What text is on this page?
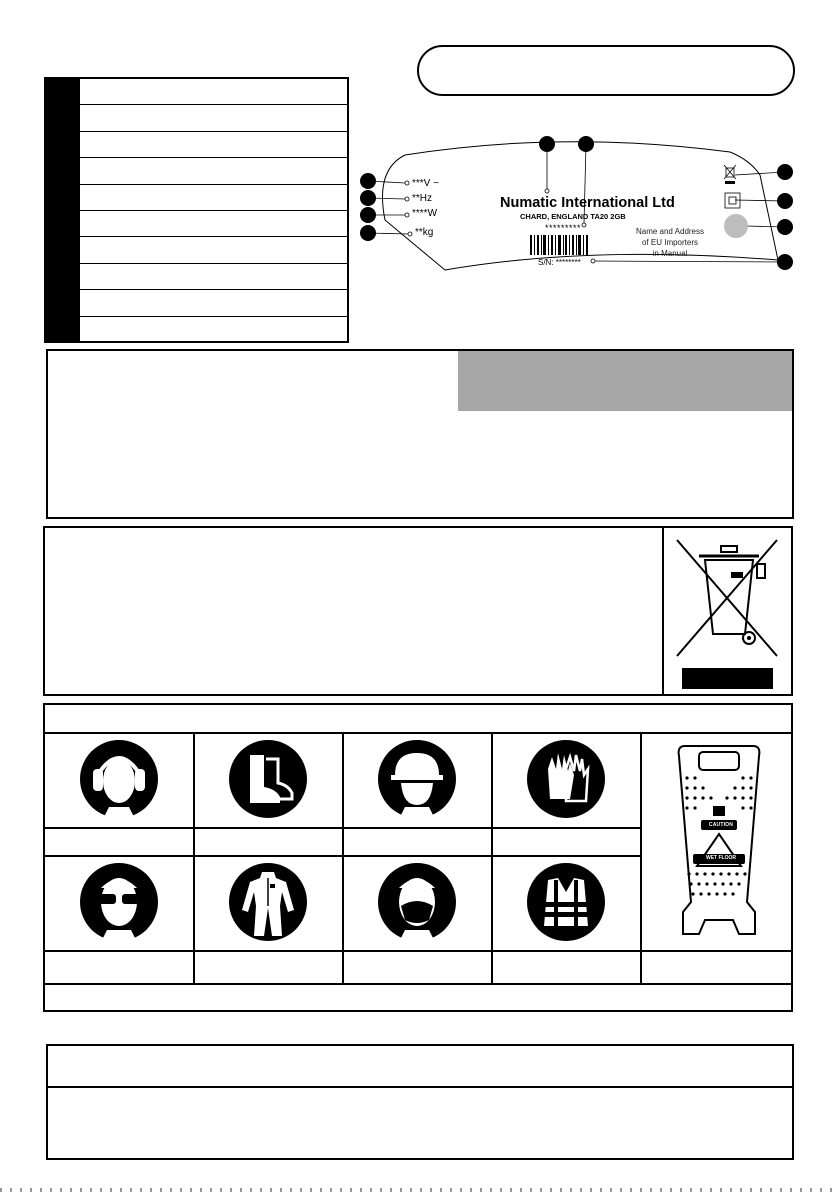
***V ~
**Hz
****W
**kg
Numatic International Ltd
CHARD, ENGLAND TA20 2GB
*********
S/N: ********
Name and Address
of EU Importers
in Manual
CAUTION
WET FLOOR
